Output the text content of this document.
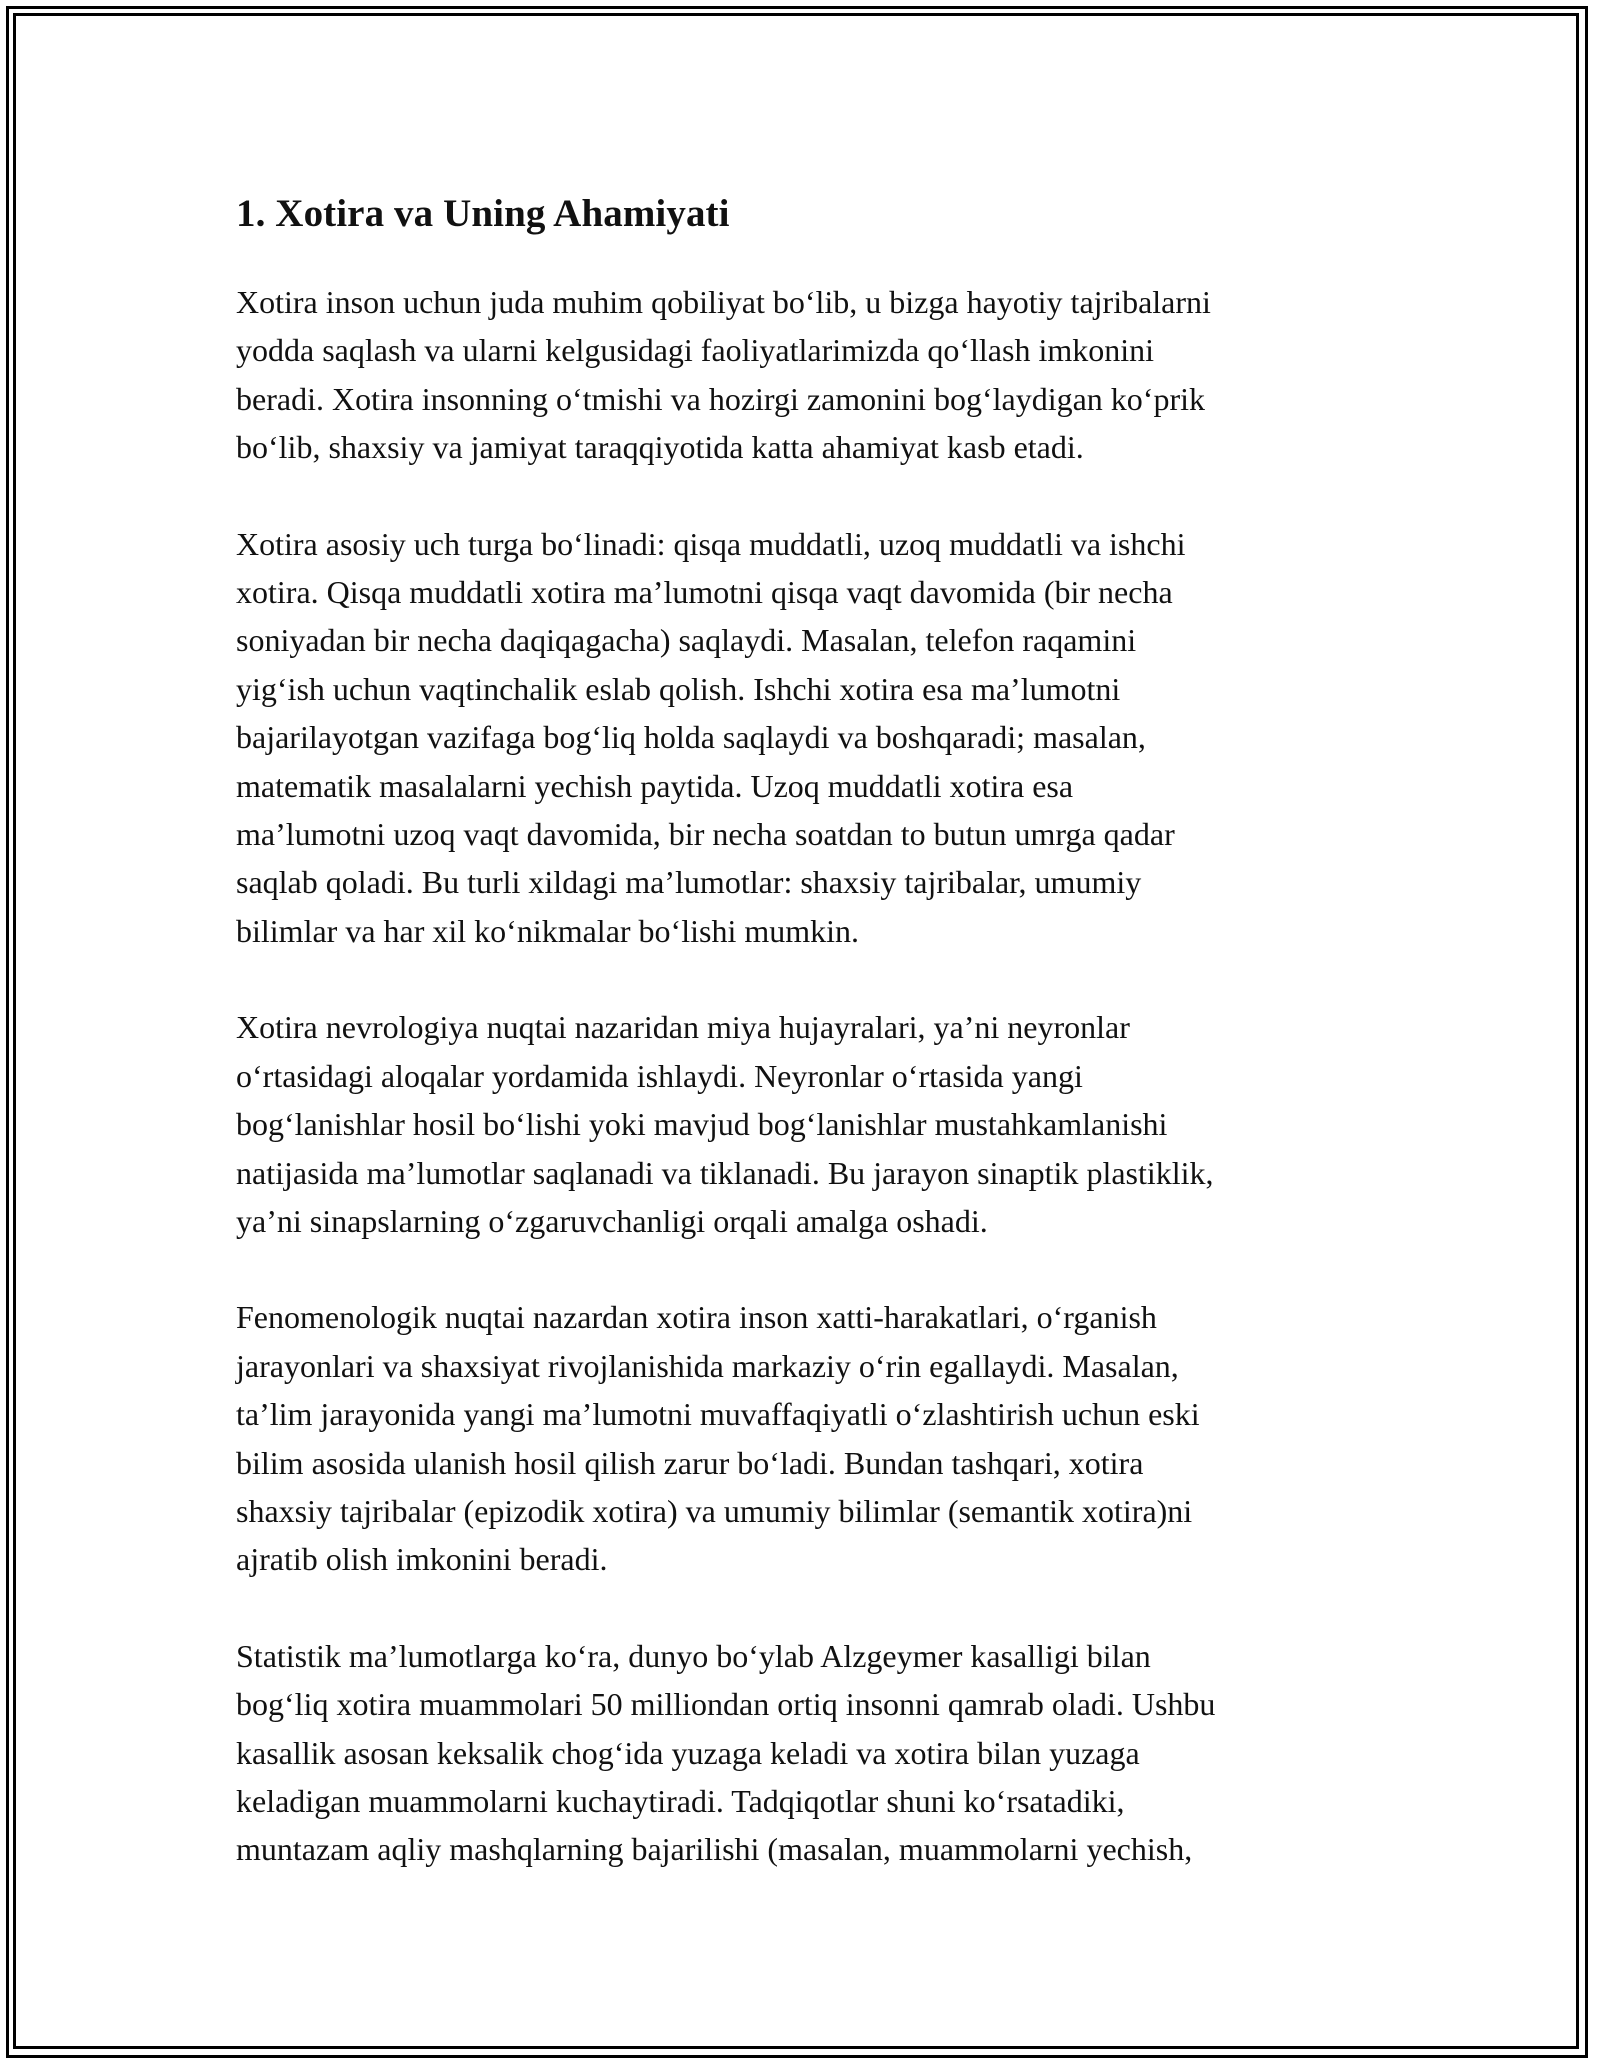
1. Xotira va Uning Ahamiyati

Xotira inson uchun juda muhim qobiliyat bo‘lib, u bizga hayotiy tajribalarni
yodda saqlash va ularni kelgusidagi faoliyatlarimizda qo‘llash imkonini
beradi. Xotira insonning o‘tmishi va hozirgi zamonini bog‘laydigan ko‘prik
bo‘lib, shaxsiy va jamiyat taraqqiyotida katta ahamiyat kasb etadi.

Xotira asosiy uch turga bo‘linadi: qisqa muddatli, uzoq muddatli va ishchi
xotira. Qisqa muddatli xotira ma’lumotni qisqa vaqt davomida (bir necha
soniyadan bir necha daqiqagacha) saqlaydi. Masalan, telefon raqamini
yig‘ish uchun vaqtinchalik eslab qolish. Ishchi xotira esa ma’lumotni
bajarilayotgan vazifaga bog‘liq holda saqlaydi va boshqaradi; masalan,
matematik masalalarni yechish paytida. Uzoq muddatli xotira esa
ma’lumotni uzoq vaqt davomida, bir necha soatdan to butun umrga qadar
saqlab qoladi. Bu turli xildagi ma’lumotlar: shaxsiy tajribalar, umumiy
bilimlar va har xil ko‘nikmalar bo‘lishi mumkin.

Xotira nevrologiya nuqtai nazaridan miya hujayralari, ya’ni neyronlar
o‘rtasidagi aloqalar yordamida ishlaydi. Neyronlar o‘rtasida yangi
bog‘lanishlar hosil bo‘lishi yoki mavjud bog‘lanishlar mustahkamlanishi
natijasida ma’lumotlar saqlanadi va tiklanadi. Bu jarayon sinaptik plastiklik,
ya’ni sinapslarning o‘zgaruvchanligi orqali amalga oshadi.

Fenomenologik nuqtai nazardan xotira inson xatti-harakatlari, o‘rganish
jarayonlari va shaxsiyat rivojlanishida markaziy o‘rin egallaydi. Masalan,
ta’lim jarayonida yangi ma’lumotni muvaffaqiyatli o‘zlashtirish uchun eski
bilim asosida ulanish hosil qilish zarur bo‘ladi. Bundan tashqari, xotira
shaxsiy tajribalar (epizodik xotira) va umumiy bilimlar (semantik xotira)ni
ajratib olish imkonini beradi.

Statistik ma’lumotlarga ko‘ra, dunyo bo‘ylab Alzgeymer kasalligi bilan
bog‘liq xotira muammolari 50 milliondan ortiq insonni qamrab oladi. Ushbu
kasallik asosan keksalik chog‘ida yuzaga keladi va xotira bilan yuzaga
keladigan muammolarni kuchaytiradi. Tadqiqotlar shuni ko‘rsatadiki,
muntazam aqliy mashqlarning bajarilishi (masalan, muammolarni yechish,
